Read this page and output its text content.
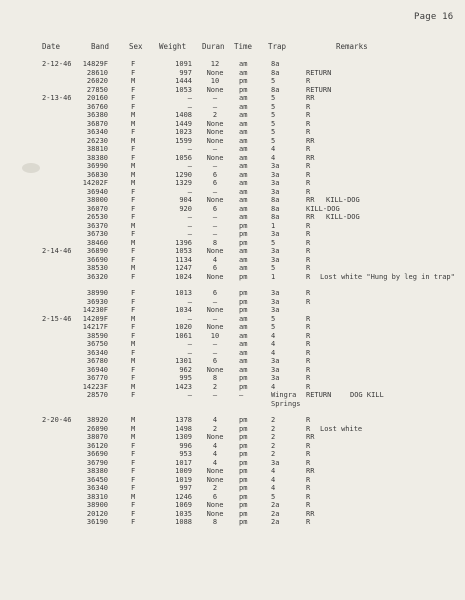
Page 16
Date	Band	Sex Weight Duran Time Trap	Remarks
2-12-46	14829F	F	1091	12	am	8a
28610	F	997	None	am	8a	RETURN
26020	M	1444	10	pm	5	R
27850	F	1053	None	pm	8a	RETURN
2-13-46	20160	F	—	—	am	5	RR
36760	F	—	—	am	5	R
36380	M	1408	2	am	5	R
36870	M	1449	None	am	5	R
36340	F	1023	None	am	5	R
26230	M	1599	None	am	5	RR
38810	F	—	—	am	4	R
38380	F	1056	None	am	4	RR
36990	M	—	—	am	3a	R
36830	M	1290	6	am	3a	R
14202F	M	1329	6	am	3a	R
36940	F	—	—	am	3a	R
38000	F	904	None	am	8a	RR KILL-DOG
36070	F	920	6	am	8a	KILL-DOG
26530	F	—	—	am	8a	RR KILL-DOG
36370	M	—	—	pm	1	R
36730	F	—	—	pm	3a	R
38460	M	1396	8	pm	5	R
2-14-46	36890	F	1053	None	am	3a	R
36690	F	1134	4	am	3a	R
38530	M	1247	6	am	5	R
36320	F	1024	None	pm	1	R Lost white "Hung by leg in trap"
38990	F	1013	6	pm	3a	R
36930	F	—	—	pm	3a	R
14230F	F	1034	None	pm	3a
2-15-46	14209F	M	—	—	am	5	R
14217F	F	1020	None	am	5	R
38590	F	1061	10	am	4	R
36750	M	—	—	am	4	R
36340	F	—	—	am	4	R
36780	M	1301	6	am	3a	R
36940	F	962	None	am	3a	R
36770	F	995	8	pm	3a	R
14223F	M	1423	2	pm	4	R
28570	F	—	—	—	Wingra RETURN	DOG KILL
Springs
2-20-46	38920	M	1378	4	pm	2	R
26090	M	1498	2	pm	2	R Lost white
38070	M	1309	None	pm	2	RR
36120	F	996	4	pm	2	R
36690	F	953	4	pm	2	R
36790	F	1017	4	pm	3a	R
38380	F	1009	None	pm	4	RR
36450	F	1019	None	pm	4	R
36340	F	997	2	pm	4	R
38310	M	1246	6	pm	5	R
38900	F	1069	None	pm	2a	R
20120	F	1035	None	pm	2a	RR
36190	F	1088	8	pm	2a	R
